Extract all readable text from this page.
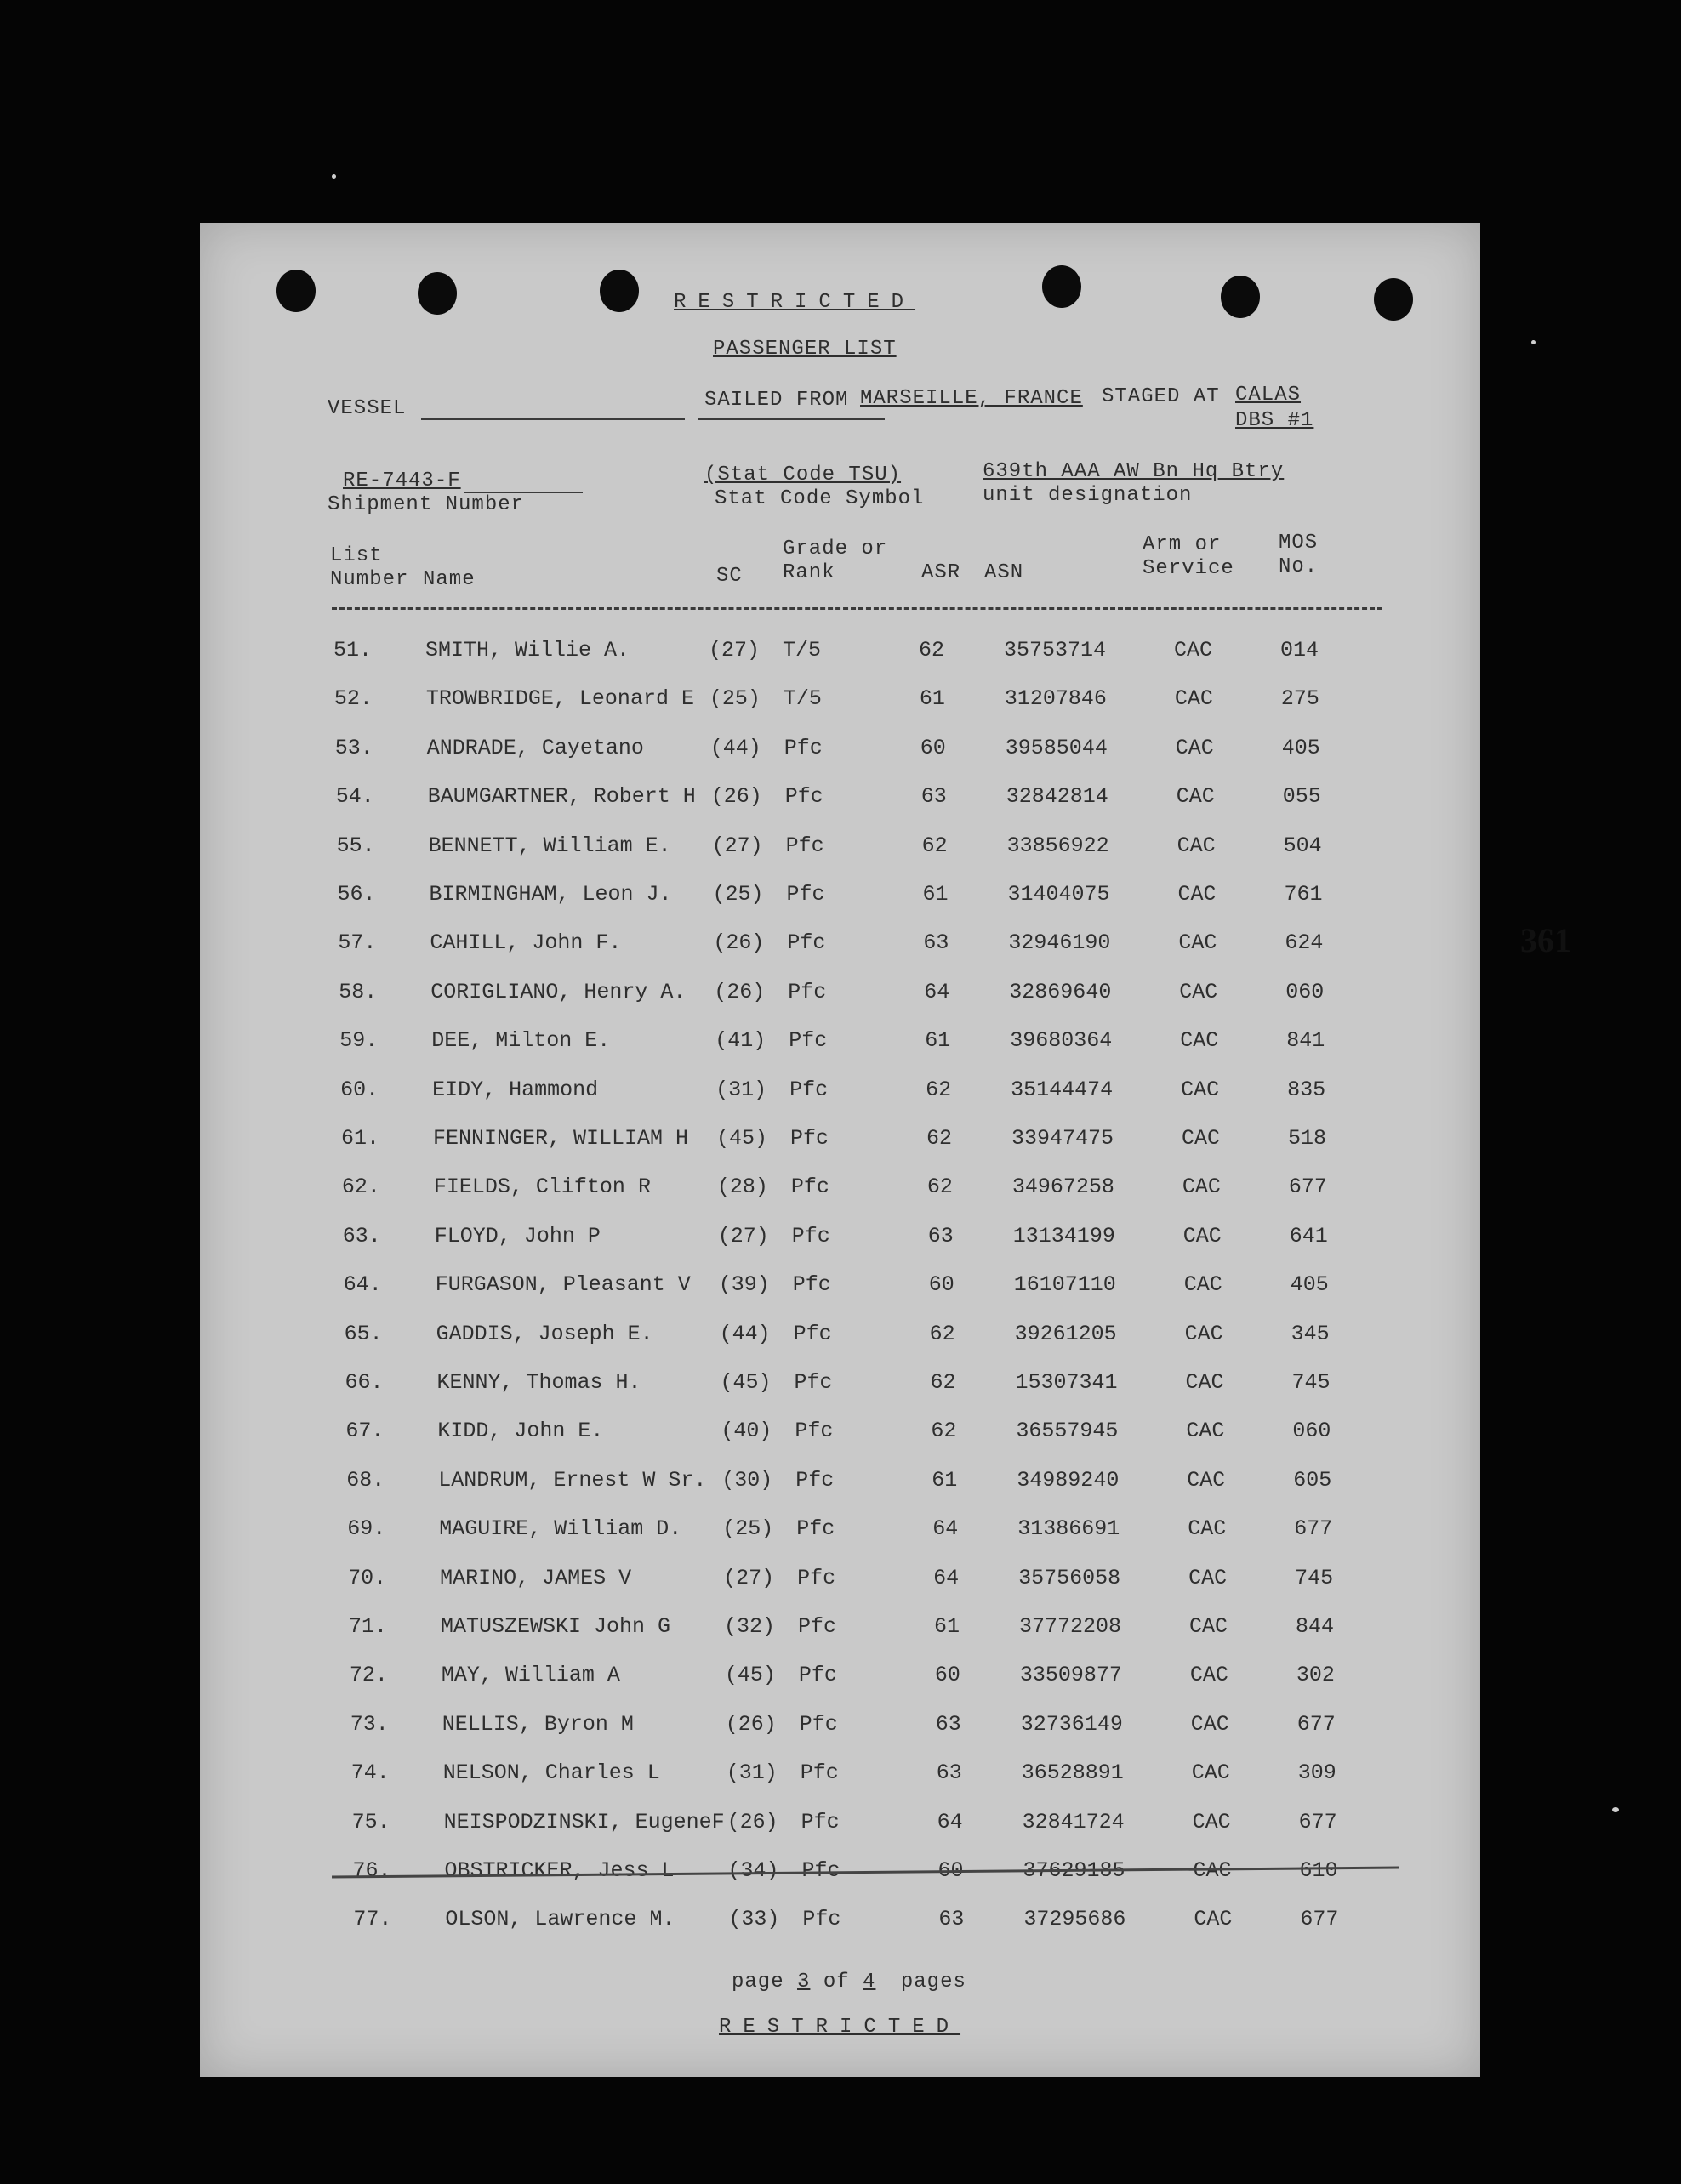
RESTRICTED
PASSENGER LIST
VESSEL	SAILED FROM MARSEILLE, FRANCE STAGED AT CALAS
DBS #1
RE-7443-F
Shipment Number
(Stat Code TSU)
Stat Code Symbol
639th AAA AW Bn Hq Btry
unit designation
361
List
Number Name	SC
Grade or
Rank	ASR ASN
Arm or
Service
MOS
No.
51.	SMITH, Willie A.	(27) T/5	62	35753714	CAC	014
52.	TROWBRIDGE, Leonard E (25) T/5	61	31207846	CAC	275
53.	ANDRADE, Cayetano	(44) Pfc	60	39585044	CAC	405
54.	BAUMGARTNER, Robert H (26) Pfc	63	32842814	CAC	055
55.	BENNETT, William E. (27) Pfc	62	33856922	CAC	504
56.	BIRMINGHAM, Leon J. (25) Pfc	61	31404075	CAC	761
57.	CAHILL, John F.	(26) Pfc	63	32946190	CAC	624
58.	CORIGLIANO, Henry A. (26) Pfc	64	32869640	CAC	060
59.	DEE, Milton E.	(41) Pfc	61	39680364	CAC	841
60.	EIDY, Hammond	(31) Pfc	62	35144474	CAC	835
61.	FENNINGER, WILLIAM H (45) Pfc	62	33947475	CAC	518
62.	FIELDS, Clifton R	(28) Pfc	62	34967258	CAC	677
63.	FLOYD, John P	(27) Pfc	63	13134199	CAC	641
64.	FURGASON, Pleasant V (39) Pfc	60	16107110	CAC	405
65.	GADDIS, Joseph E.	(44) Pfc	62	39261205	CAC	345
66.	KENNY, Thomas H.	(45) Pfc	62	15307341	CAC	745
67.	KIDD, John E.	(40) Pfc	62	36557945	CAC	060
68.	LANDRUM, Ernest W Sr. (30) Pfc	61	34989240	CAC	605
69.	MAGUIRE, William D. (25) Pfc	64	31386691	CAC	677
70.	MARINO, JAMES V	(27) Pfc	64	35756058	CAC	745
71.	MATUSZEWSKI John G	(32) Pfc	61	37772208	CAC	844
72.	MAY, William A	(45) Pfc	60	33509877	CAC	302
73.	NELLIS, Byron M	(26) Pfc	63	32736149	CAC	677
74.	NELSON, Charles L	(31) Pfc	63	36528891	CAC	309
75.	NEISPODZINSKI, EugeneF (26) Pfc	64	32841724	CAC	677
76.	OBSTRICKER, Jess L	(34) Pfc	60	37629185	CAC	610
77.	OLSON, Lawrence M.	(33) Pfc	63	37295686	CAC	677
page 3 of 4 pages
RESTRICTED
